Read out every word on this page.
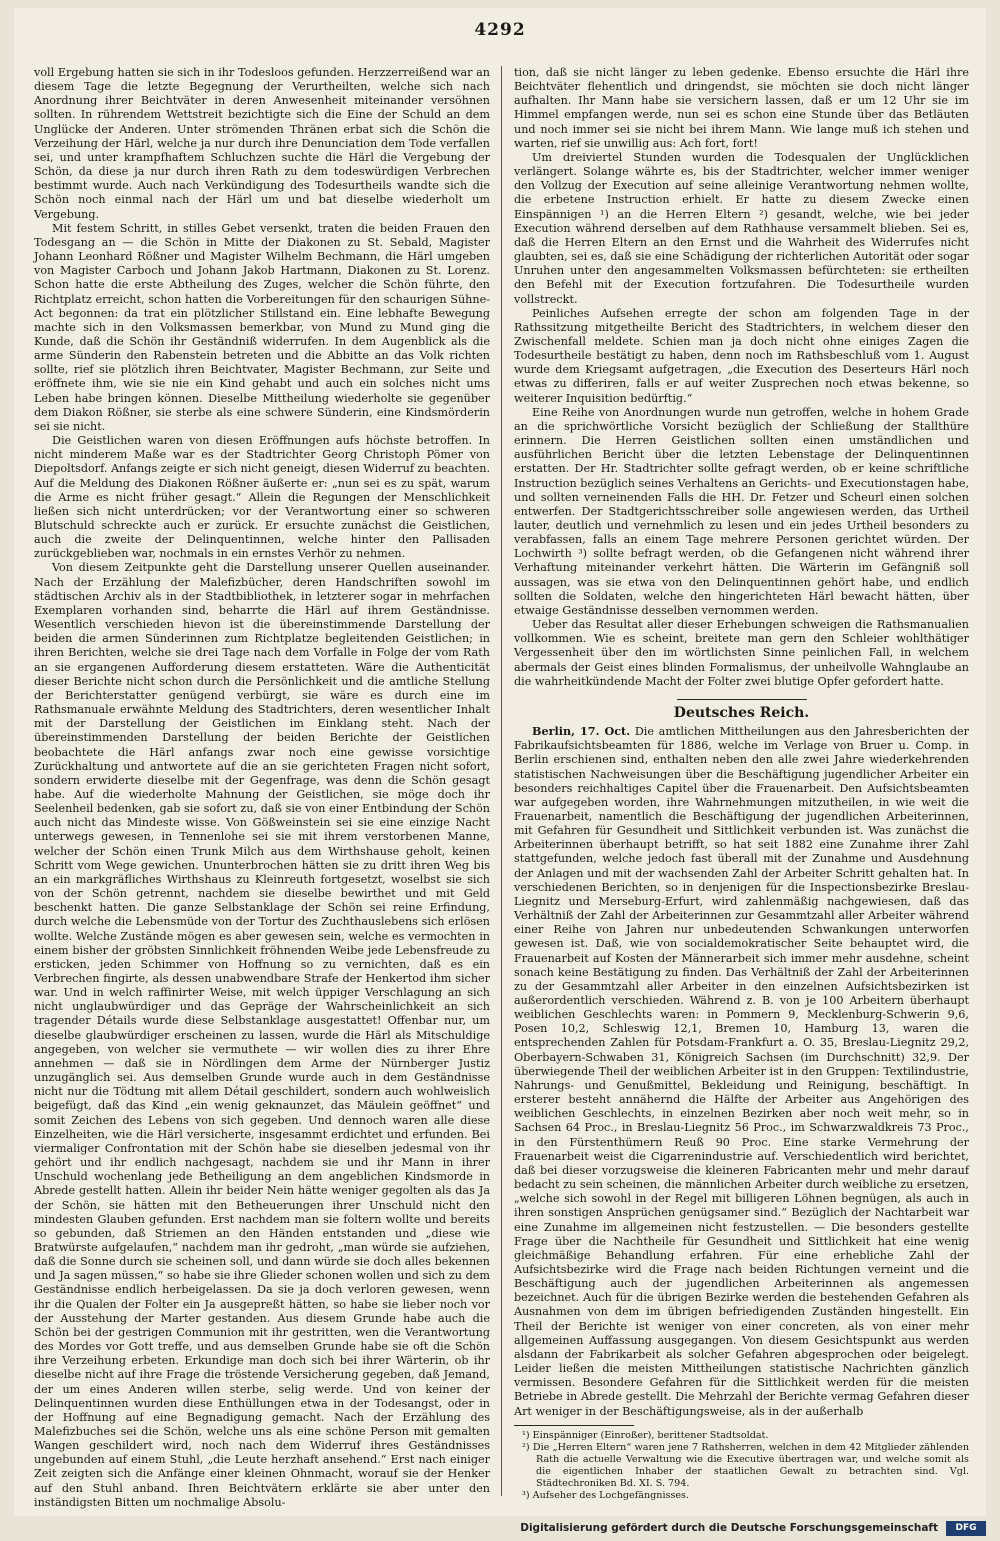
4292

voll Ergebung hatten sie sich in ihr Todesloos gefunden. Herzzerreißend war an diesem Tage die letzte Begegnung der Verurtheilten, welche sich nach Anordnung ihrer Beichtväter in deren Anwesenheit miteinander versöhnen sollten. In rührendem Wettstreit bezichtigte sich die Eine der Schuld an dem Unglücke der Anderen. Unter strömenden Thränen erbat sich die Schön die Verzeihung der Härl, welche ja nur durch ihre Denunciation dem Tode verfallen sei, und unter krampfhaftem Schluchzen suchte die Härl die Vergebung der Schön, da diese ja nur durch ihren Rath zu dem todeswürdigen Verbrechen bestimmt wurde. Auch nach Verkündigung des Todesurtheils wandte sich die Schön noch einmal nach der Härl um und bat dieselbe wiederholt um Vergebung.

Mit festem Schritt, in stilles Gebet versenkt, traten die beiden Frauen den Todesgang an — die Schön in Mitte der Diakonen zu St. Sebald, Magister Johann Leonhard Rößner und Magister Wilhelm Bechmann, die Härl umgeben von Magister Carboch und Johann Jakob Hartmann, Diakonen zu St. Lorenz. Schon hatte die erste Abtheilung des Zuges, welcher die Schön führte, den Richtplatz erreicht, schon hatten die Vorbereitungen für den schaurigen Sühne-Act begonnen: da trat ein plötzlicher Stillstand ein. Eine lebhafte Bewegung machte sich in den Volksmassen bemerkbar, von Mund zu Mund ging die Kunde, daß die Schön ihr Geständniß widerrufen. In dem Augenblick als die arme Sünderin den Rabenstein betreten und die Abbitte an das Volk richten sollte, rief sie plötzlich ihren Beichtvater, Magister Bechmann, zur Seite und eröffnete ihm, wie sie nie ein Kind gehabt und auch ein solches nicht ums Leben habe bringen können. Dieselbe Mittheilung wiederholte sie gegenüber dem Diakon Rößner, sie sterbe als eine schwere Sünderin, eine Kindsmörderin sei sie nicht.

Die Geistlichen waren von diesen Eröffnungen aufs höchste betroffen. In nicht minderem Maße war es der Stadtrichter Georg Christoph Pömer von Diepoltsdorf. Anfangs zeigte er sich nicht geneigt, diesen Widerruf zu beachten. Auf die Meldung des Diakonen Rößner äußerte er: „nun sei es zu spät, warum die Arme es nicht früher gesagt.“ Allein die Regungen der Menschlichkeit ließen sich nicht unterdrücken; vor der Verantwortung einer so schweren Blutschuld schreckte auch er zurück. Er ersuchte zunächst die Geistlichen, auch die zweite der Delinquentinnen, welche hinter den Pallisaden zurückgeblieben war, nochmals in ein ernstes Verhör zu nehmen.

Von diesem Zeitpunkte geht die Darstellung unserer Quellen auseinander. Nach der Erzählung der Malefizbücher, deren Handschriften sowohl im städtischen Archiv als in der Stadtbibliothek, in letzterer sogar in mehrfachen Exemplaren vorhanden sind, beharrte die Härl auf ihrem Geständnisse. Wesentlich verschieden hievon ist die übereinstimmende Darstellung der beiden die armen Sünderinnen zum Richtplatze begleitenden Geistlichen; in ihren Berichten, welche sie drei Tage nach dem Vorfalle in Folge der vom Rath an sie ergangenen Aufforderung diesem erstatteten. Wäre die Authenticität dieser Berichte nicht schon durch die Persönlichkeit und die amtliche Stellung der Berichterstatter genügend verbürgt, sie wäre es durch eine im Rathsmanuale erwähnte Meldung des Stadtrichters, deren wesentlicher Inhalt mit der Darstellung der Geistlichen im Einklang steht. Nach der übereinstimmenden Darstellung der beiden Berichte der Geistlichen beobachtete die Härl anfangs zwar noch eine gewisse vorsichtige Zurückhaltung und antwortete auf die an sie gerichteten Fragen nicht sofort, sondern erwiderte dieselbe mit der Gegenfrage, was denn die Schön gesagt habe. Auf die wiederholte Mahnung der Geistlichen, sie möge doch ihr Seelenheil bedenken, gab sie sofort zu, daß sie von einer Entbindung der Schön auch nicht das Mindeste wisse. Von Gößweinstein sei sie eine einzige Nacht unterwegs gewesen, in Tennenlohe sei sie mit ihrem verstorbenen Manne, welcher der Schön einen Trunk Milch aus dem Wirthshause geholt, keinen Schritt vom Wege gewichen. Ununterbrochen hätten sie zu dritt ihren Weg bis an ein markgräfliches Wirthshaus zu Kleinreuth fortgesetzt, woselbst sie sich von der Schön getrennt, nachdem sie dieselbe bewirthet und mit Geld beschenkt hatten. Die ganze Selbstanklage der Schön sei reine Erfindung, durch welche die Lebensmüde von der Tortur des Zuchthauslebens sich erlösen wollte. Welche Zustände mögen es aber gewesen sein, welche es vermochten in einem bisher der gröbsten Sinnlichkeit fröhnenden Weibe jede Lebensfreude zu ersticken, jeden Schimmer von Hoffnung so zu vernichten, daß es ein Verbrechen fingirte, als dessen unabwendbare Strafe der Henkertod ihm sicher war. Und in welch raffinirter Weise, mit welch üppiger Verschlagung an sich nicht unglaubwürdiger und das Gepräge der Wahrscheinlichkeit an sich tragender Détails wurde diese Selbstanklage ausgestattet! Offenbar nur, um dieselbe glaubwürdiger erscheinen zu lassen, wurde die Härl als Mitschuldige angegeben, von welcher sie vermuthete — wir wollen dies zu ihrer Ehre annehmen — daß sie in Nördlingen dem Arme der Nürnberger Justiz unzugänglich sei. Aus demselben Grunde wurde auch in dem Geständnisse nicht nur die Tödtung mit allem Détail geschildert, sondern auch wohlweislich beigefügt, daß das Kind „ein wenig geknaunzet, das Mäulein geöffnet“ und somit Zeichen des Lebens von sich gegeben. Und dennoch waren alle diese Einzelheiten, wie die Härl versicherte, insgesammt erdichtet und erfunden. Bei viermaliger Confrontation mit der Schön habe sie dieselben jedesmal von ihr gehört und ihr endlich nachgesagt, nachdem sie und ihr Mann in ihrer Unschuld wochenlang jede Betheiligung an dem angeblichen Kindsmorde in Abrede gestellt hatten. Allein ihr beider Nein hätte weniger gegolten als das Ja der Schön, sie hätten mit den Betheuerungen ihrer Unschuld nicht den mindesten Glauben gefunden. Erst nachdem man sie foltern wollte und bereits so gebunden, daß Striemen an den Händen entstanden und „diese wie Bratwürste aufgelaufen,“ nachdem man ihr gedroht, „man würde sie aufziehen, daß die Sonne durch sie scheinen soll, und dann würde sie doch alles bekennen und Ja sagen müssen,“ so habe sie ihre Glieder schonen wollen und sich zu dem Geständnisse endlich herbeigelassen. Da sie ja doch verloren gewesen, wenn ihr die Qualen der Folter ein Ja ausgepreßt hätten, so habe sie lieber noch vor der Ausstehung der Marter gestanden. Aus diesem Grunde habe auch die Schön bei der gestrigen Communion mit ihr gestritten, wen die Verantwortung des Mordes vor Gott treffe, und aus demselben Grunde habe sie oft die Schön ihre Verzeihung erbeten. Erkundige man doch sich bei ihrer Wärterin, ob ihr dieselbe nicht auf ihre Frage die tröstende Versicherung gegeben, daß Jemand, der um eines Anderen willen sterbe, selig werde. Und von keiner der Delinquentinnen wurden diese Enthüllungen etwa in der Todesangst, oder in der Hoffnung auf eine Begnadigung gemacht. Nach der Erzählung des Malefizbuches sei die Schön, welche uns als eine schöne Person mit gemalten Wangen geschildert wird, noch nach dem Widerruf ihres Geständnisses ungebunden auf einem Stuhl, „die Leute herzhaft ansehend.“ Erst nach einiger Zeit zeigten sich die Anfänge einer kleinen Ohnmacht, worauf sie der Henker auf den Stuhl anband. Ihren Beichtvätern erklärte sie aber unter den inständigsten Bitten um nochmalige Absolu-

tion, daß sie nicht länger zu leben gedenke. Ebenso ersuchte die Härl ihre Beichtväter flehentlich und dringendst, sie möchten sie doch nicht länger aufhalten. Ihr Mann habe sie versichern lassen, daß er um 12 Uhr sie im Himmel empfangen werde, nun sei es schon eine Stunde über das Betläuten und noch immer sei sie nicht bei ihrem Mann. Wie lange muß ich stehen und warten, rief sie unwillig aus: Ach fort, fort!

Um dreiviertel Stunden wurden die Todesqualen der Unglücklichen verlängert. Solange währte es, bis der Stadtrichter, welcher immer weniger den Vollzug der Execution auf seine alleinige Verantwortung nehmen wollte, die erbetene Instruction erhielt. Er hatte zu diesem Zwecke einen Einspännigen ¹) an die Herren Eltern ²) gesandt, welche, wie bei jeder Execution während derselben auf dem Rathhause versammelt blieben. Sei es, daß die Herren Eltern an den Ernst und die Wahrheit des Widerrufes nicht glaubten, sei es, daß sie eine Schädigung der richterlichen Autorität oder sogar Unruhen unter den angesammelten Volksmassen befürchteten: sie ertheilten den Befehl mit der Execution fortzufahren. Die Todesurtheile wurden vollstreckt.

Peinliches Aufsehen erregte der schon am folgenden Tage in der Rathssitzung mitgetheilte Bericht des Stadtrichters, in welchem dieser den Zwischenfall meldete. Schien man ja doch nicht ohne einiges Zagen die Todesurtheile bestätigt zu haben, denn noch im Rathsbeschluß vom 1. August wurde dem Kriegsamt aufgetragen, „die Execution des Deserteurs Härl noch etwas zu differiren, falls er auf weiter Zusprechen noch etwas bekenne, so weiterer Inquisition bedürftig.“

Eine Reihe von Anordnungen wurde nun getroffen, welche in hohem Grade an die sprichwörtliche Vorsicht bezüglich der Schließung der Stallthüre erinnern. Die Herren Geistlichen sollten einen umständlichen und ausführlichen Bericht über die letzten Lebenstage der Delinquentinnen erstatten. Der Hr. Stadtrichter sollte gefragt werden, ob er keine schriftliche Instruction bezüglich seines Verhaltens an Gerichts- und Executionstagen habe, und sollten verneinenden Falls die HH. Dr. Fetzer und Scheurl einen solchen entwerfen. Der Stadtgerichtsschreiber solle angewiesen werden, das Urtheil lauter, deutlich und vernehmlich zu lesen und ein jedes Urtheil besonders zu verabfassen, falls an einem Tage mehrere Personen gerichtet würden. Der Lochwirth ³) sollte befragt werden, ob die Gefangenen nicht während ihrer Verhaftung miteinander verkehrt hätten. Die Wärterin im Gefängniß soll aussagen, was sie etwa von den Delinquentinnen gehört habe, und endlich sollten die Soldaten, welche den hingerichteten Härl bewacht hätten, über etwaige Geständnisse desselben vernommen werden.

Ueber das Resultat aller dieser Erhebungen schweigen die Rathsmanualien vollkommen. Wie es scheint, breitete man gern den Schleier wohlthätiger Vergessenheit über den im wörtlichsten Sinne peinlichen Fall, in welchem abermals der Geist eines blinden Formalismus, der unheilvolle Wahnglaube an die wahrheitkündende Macht der Folter zwei blutige Opfer gefordert hatte.

Deutsches Reich.

Berlin, 17. Oct. Die amtlichen Mittheilungen aus den Jahresberichten der Fabrikaufsichtsbeamten für 1886, welche im Verlage von Bruer u. Comp. in Berlin erschienen sind, enthalten neben den alle zwei Jahre wiederkehrenden statistischen Nachweisungen über die Beschäftigung jugendlicher Arbeiter ein besonders reichhaltiges Capitel über die Frauenarbeit. Den Aufsichtsbeamten war aufgegeben worden, ihre Wahrnehmungen mitzutheilen, in wie weit die Frauenarbeit, namentlich die Beschäftigung der jugendlichen Arbeiterinnen, mit Gefahren für Gesundheit und Sittlichkeit verbunden ist. Was zunächst die Arbeiterinnen überhaupt betrifft, so hat seit 1882 eine Zunahme ihrer Zahl stattgefunden, welche jedoch fast überall mit der Zunahme und Ausdehnung der Anlagen und mit der wachsenden Zahl der Arbeiter Schritt gehalten hat. In verschiedenen Berichten, so in denjenigen für die Inspectionsbezirke Breslau-Liegnitz und Merseburg-Erfurt, wird zahlenmäßig nachgewiesen, daß das Verhältniß der Zahl der Arbeiterinnen zur Gesammtzahl aller Arbeiter während einer Reihe von Jahren nur unbedeutenden Schwankungen unterworfen gewesen ist. Daß, wie von socialdemokratischer Seite behauptet wird, die Frauenarbeit auf Kosten der Männerarbeit sich immer mehr ausdehne, scheint sonach keine Bestätigung zu finden. Das Verhältniß der Zahl der Arbeiterinnen zu der Gesammtzahl aller Arbeiter in den einzelnen Aufsichtsbezirken ist außerordentlich verschieden. Während z. B. von je 100 Arbeitern überhaupt weiblichen Geschlechts waren: in Pommern 9, Mecklenburg-Schwerin 9,6, Posen 10,2, Schleswig 12,1, Bremen 10, Hamburg 13, waren die entsprechenden Zahlen für Potsdam-Frankfurt a. O. 35, Breslau-Liegnitz 29,2, Oberbayern-Schwaben 31, Königreich Sachsen (im Durchschnitt) 32,9. Der überwiegende Theil der weiblichen Arbeiter ist in den Gruppen: Textilindustrie, Nahrungs- und Genußmittel, Bekleidung und Reinigung, beschäftigt. In ersterer besteht annähernd die Hälfte der Arbeiter aus Angehörigen des weiblichen Geschlechts, in einzelnen Bezirken aber noch weit mehr, so in Sachsen 64 Proc., in Breslau-Liegnitz 56 Proc., im Schwarzwaldkreis 73 Proc., in den Fürstenthümern Reuß 90 Proc. Eine starke Vermehrung der Frauenarbeit weist die Cigarrenindustrie auf. Verschiedentlich wird berichtet, daß bei dieser vorzugsweise die kleineren Fabricanten mehr und mehr darauf bedacht zu sein scheinen, die männlichen Arbeiter durch weibliche zu ersetzen, „welche sich sowohl in der Regel mit billigeren Löhnen begnügen, als auch in ihren sonstigen Ansprüchen genügsamer sind.“ Bezüglich der Nachtarbeit war eine Zunahme im allgemeinen nicht festzustellen. — Die besonders gestellte Frage über die Nachtheile für Gesundheit und Sittlichkeit hat eine wenig gleichmäßige Behandlung erfahren. Für eine erhebliche Zahl der Aufsichtsbezirke wird die Frage nach beiden Richtungen verneint und die Beschäftigung auch der jugendlichen Arbeiterinnen als angemessen bezeichnet. Auch für die übrigen Bezirke werden die bestehenden Gefahren als Ausnahmen von dem im übrigen befriedigenden Zuständen hingestellt. Ein Theil der Berichte ist weniger von einer concreten, als von einer mehr allgemeinen Auffassung ausgegangen. Von diesem Gesichtspunkt aus werden alsdann der Fabrikarbeit als solcher Gefahren abgesprochen oder beigelegt. Leider ließen die meisten Mittheilungen statistische Nachrichten gänzlich vermissen. Besondere Gefahren für die Sittlichkeit werden für die meisten Betriebe in Abrede gestellt. Die Mehrzahl der Berichte vermag Gefahren dieser Art weniger in der Beschäftigungsweise, als in der außerhalb

¹) Einspänniger (Einroßer), berittener Stadtsoldat.
²) Die „Herren Eltern“ waren jene 7 Rathsherren, welchen in dem 42 Mitglieder zählenden Rath die actuelle Verwaltung wie die Executive übertragen war, und welche somit als die eigentlichen Inhaber der staatlichen Gewalt zu betrachten sind. Vgl. Städtechroniken Bd. XI. S. 794.
³) Aufseher des Lochgefängnisses.
Digitalisierung gefördert durch die Deutsche Forschungsgemeinschaft	DFG
